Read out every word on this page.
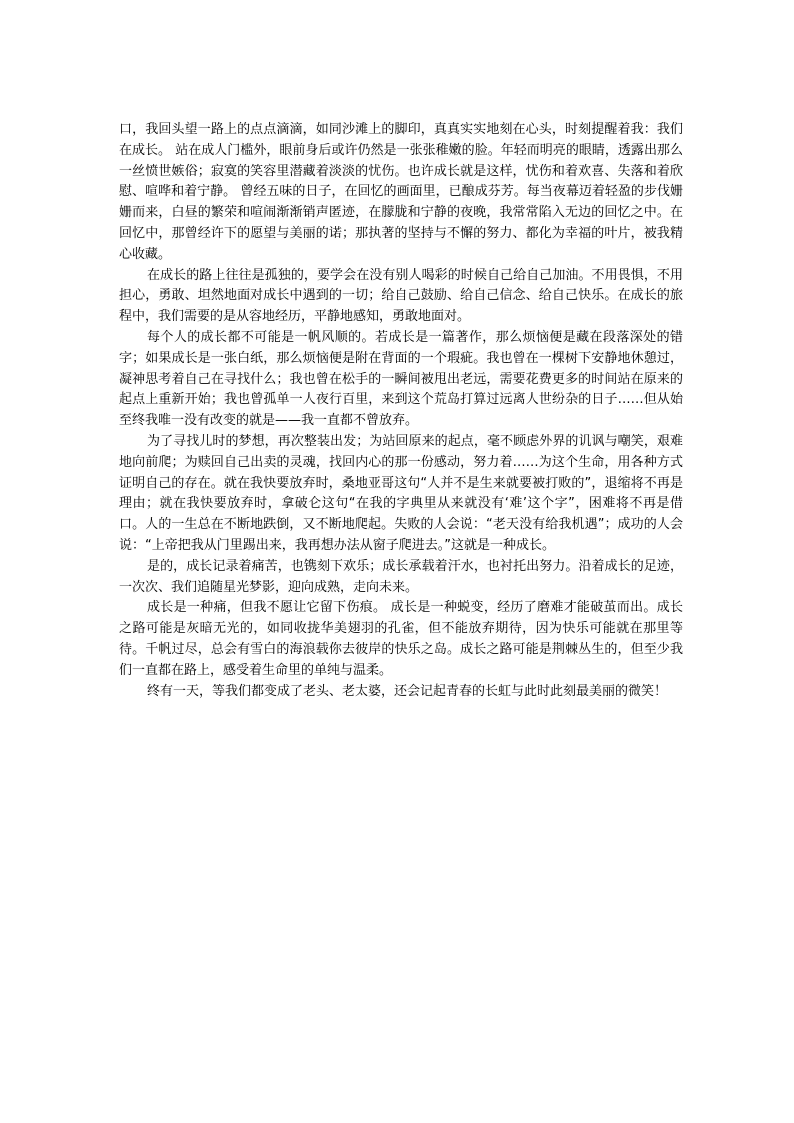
口，我回头望一路上的点点滴滴，如同沙滩上的脚印，真真实实地刻在心头，时刻提醒着我：我们在成长。 站在成人门槛外，眼前身后或许仍然是一张张稚嫩的脸。年轻而明亮的眼睛，透露出那么一丝愤世嫉俗；寂寞的笑容里潜藏着淡淡的忧伤。也许成长就是这样，忧伤和着欢喜、失落和着欣慰、喧哗和着宁静。 曾经五味的日子，在回忆的画面里，已酿成芬芳。每当夜幕迈着轻盈的步伐姗姗而来，白昼的繁荣和喧闹渐渐销声匿迹，在朦胧和宁静的夜晚，我常常陷入无边的回忆之中。在回忆中，那曾经许下的愿望与美丽的诺；那执著的坚持与不懈的努力、都化为幸福的叶片，被我精心收藏。

在成长的路上往往是孤独的，要学会在没有别人喝彩的时候自己给自己加油。不用畏惧，不用担心，勇敢、坦然地面对成长中遇到的一切；给自己鼓励、给自己信念、给自己快乐。在成长的旅程中，我们需要的是从容地经历，平静地感知，勇敢地面对。

每个人的成长都不可能是一帆风顺的。若成长是一篇著作，那么烦恼便是藏在段落深处的错字；如果成长是一张白纸，那么烦恼便是附在背面的一个瑕疵。我也曾在一棵树下安静地休憩过，凝神思考着自己在寻找什么；我也曾在松手的一瞬间被甩出老远，需要花费更多的时间站在原来的起点上重新开始；我也曾孤单一人夜行百里，来到这个荒岛打算过远离人世纷杂的日子……但从始至终我唯一没有改变的就是——我一直都不曾放弃。

为了寻找儿时的梦想，再次整装出发；为站回原来的起点，毫不顾虑外界的讥讽与嘲笑，艰难地向前爬；为赎回自己出卖的灵魂，找回内心的那一份感动，努力着……为这个生命，用各种方式证明自己的存在。就在我快要放弃时，桑地亚哥这句“人并不是生来就要被打败的”，退缩将不再是理由；就在我快要放弃时，拿破仑这句“在我的字典里从来就没有‘难’这个字”，困难将不再是借口。人的一生总在不断地跌倒，又不断地爬起。失败的人会说：“老天没有给我机遇”；成功的人会说：“上帝把我从门里踢出来，我再想办法从窗子爬进去。”这就是一种成长。

是的，成长记录着痛苦，也镌刻下欢乐；成长承载着汗水，也衬托出努力。沿着成长的足迹，一次次、我们追随星光梦影，迎向成熟，走向未来。

成长是一种痛，但我不愿让它留下伤痕。 成长是一种蜕变，经历了磨难才能破茧而出。成长之路可能是灰暗无光的，如同收拢华美翅羽的孔雀，但不能放弃期待，因为快乐可能就在那里等待。千帆过尽，总会有雪白的海浪载你去彼岸的快乐之岛。成长之路可能是荆棘丛生的，但至少我们一直都在路上，感受着生命里的单纯与温柔。

终有一天，等我们都变成了老头、老太婆，还会记起青春的长虹与此时此刻最美丽的微笑！
